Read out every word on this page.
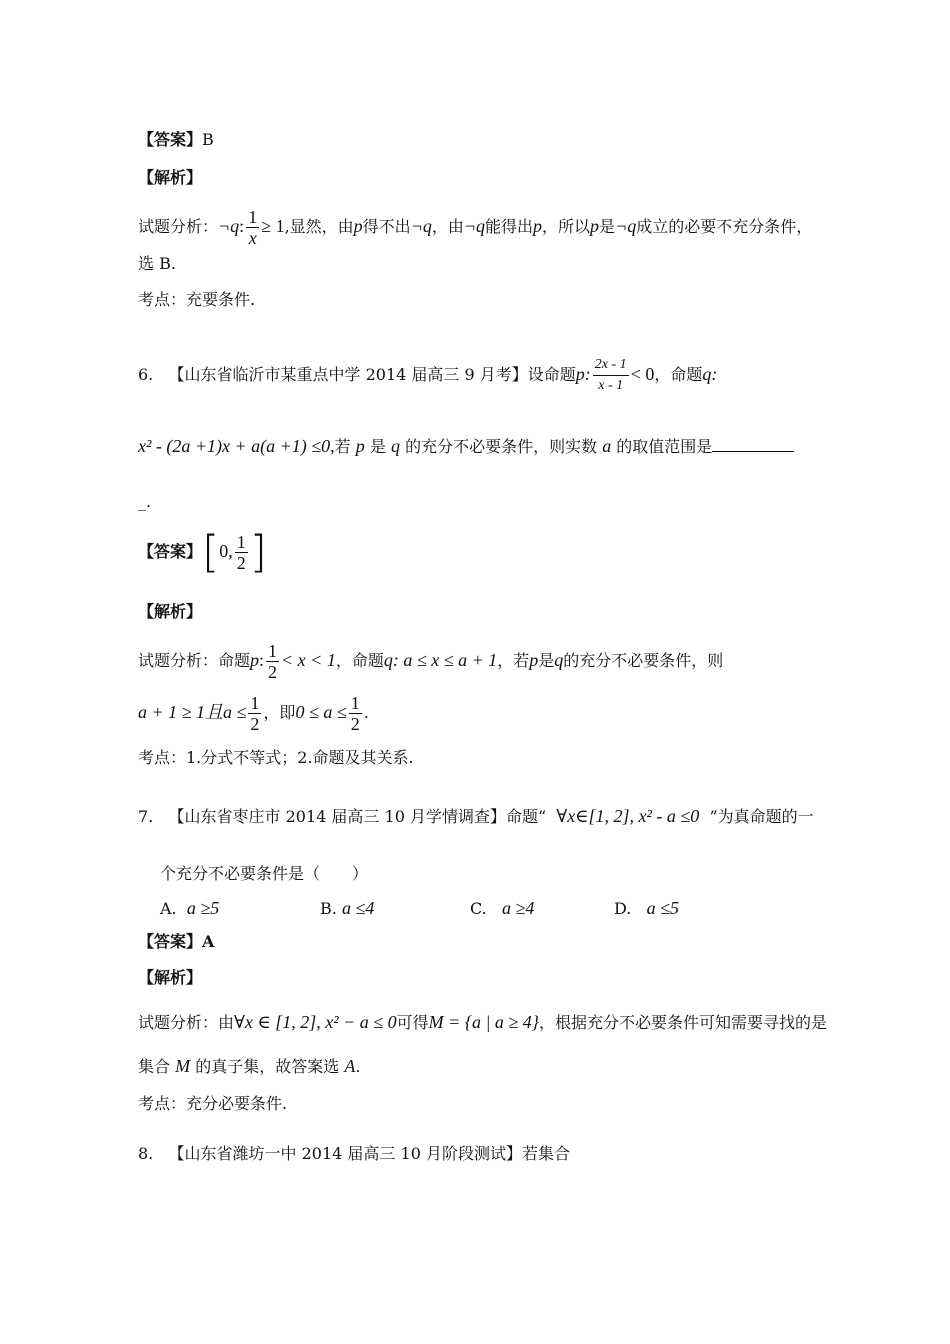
【答案】B
【解析】
试题分析：¬q: $\frac{1}{x} \ge 1$,显然，由p得不出¬q，由¬q能得出p，所以p是¬q成立的必要不充分条件，
选 B.
考点：充要条件.
6. 【山东省临沂市某重点中学 2014 届高三 9 月考】设命题p: $\frac{2x - 1}{x - 1} < 0$，命题q:
x² - (2a +1)x + a(a +1) ≤0,若 p 是 q 的充分不必要条件，则实数 a 的取值范围是
_.
【答案】[0, $\frac{1}{2}$ ]
【解析】
试题分析：命题p: $\frac{1}{2} < x < 1$，命题q: a ≤ x ≤ a + 1，若p是q的充分不必要条件，则
a + 1 ≥ 1且$a \le \frac{1}{2}$ ，即$0 \le a \le \frac{1}{2}$ .
考点：1.分式不等式；2.命题及其关系.
7. 【山东省枣庄市 2014 届高三 10 月学情调查】命题“ ∀x∈[1, 2], x² - a ≤0 ”为真命题的一
个充分不必要条件是（　　）
A. a ≥5	B. a ≤4	C. a ≥4	D. a ≤5
【答案】A
【解析】
试题分析：由∀x ∈ [1, 2], x² − a ≤ 0可得M = {a | a ≥ 4}，根据充分不必要条件可知需要寻找的是
集合 M 的真子集，故答案选 A.
考点：充分必要条件.
8. 【山东省潍坊一中 2014 届高三 10 月阶段测试】若集合
